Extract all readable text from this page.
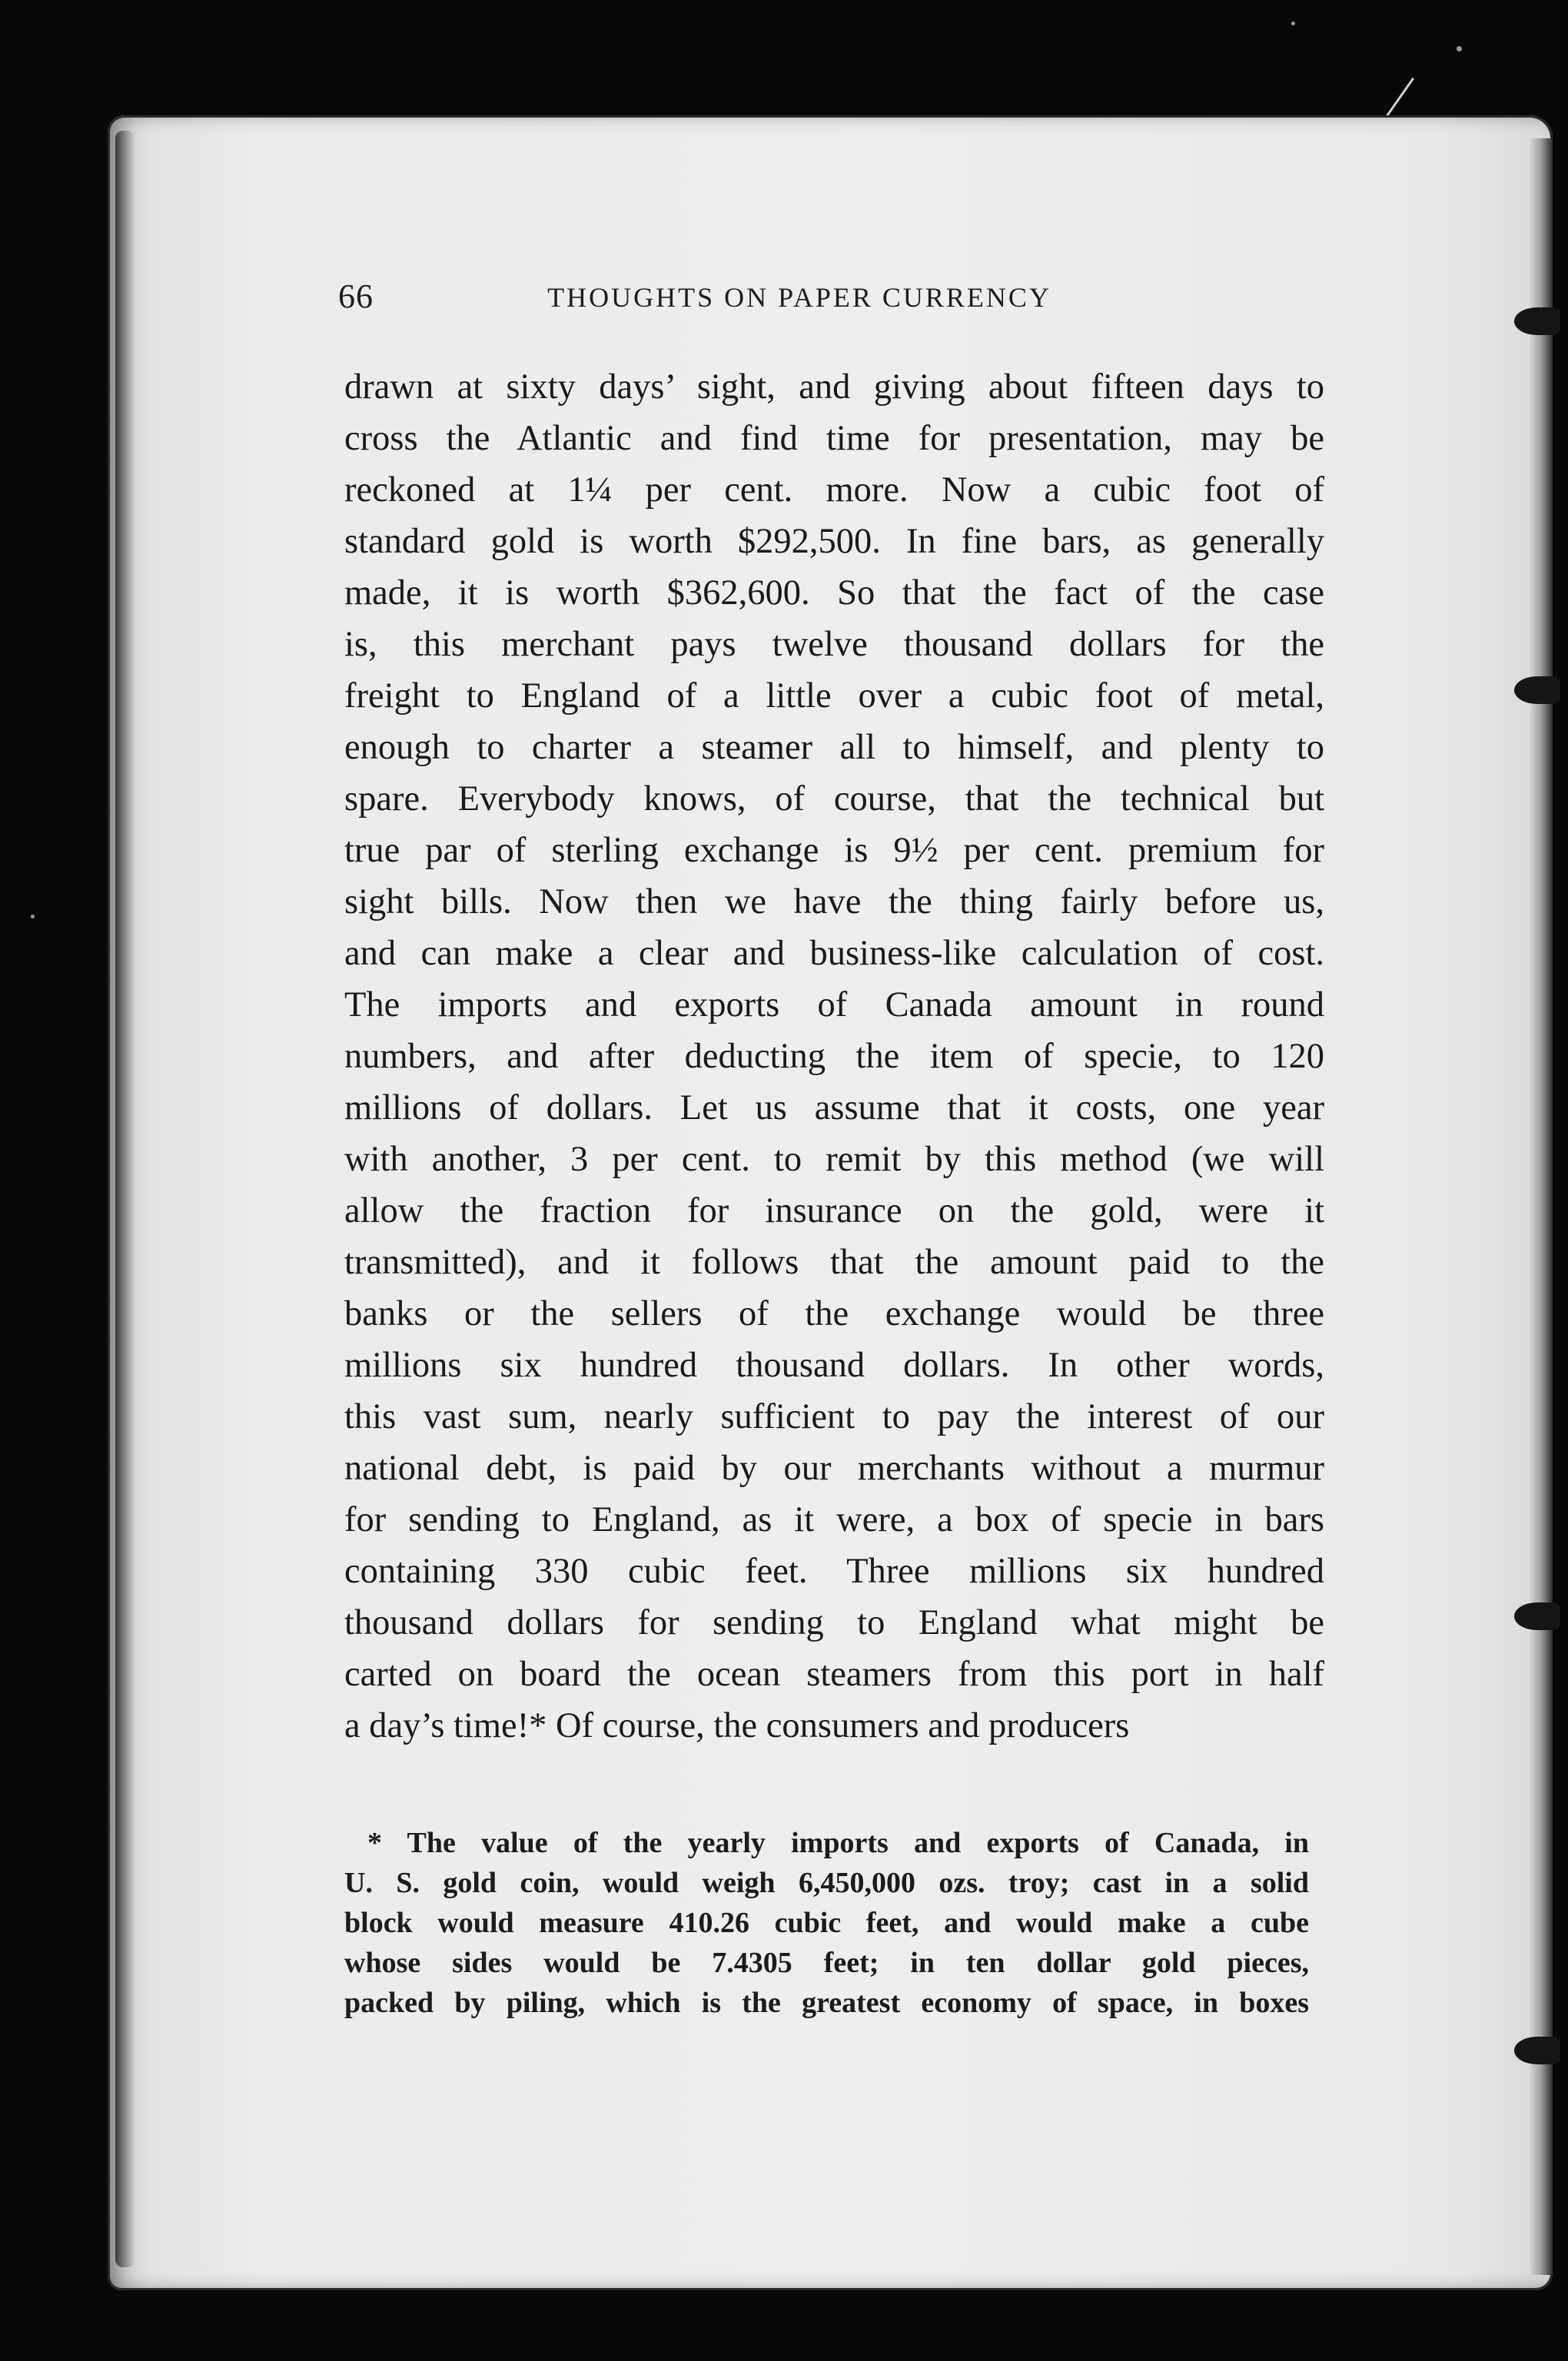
66	THOUGHTS ON PAPER CURRENCY
drawn at sixty days’ sight, and giving about fifteen days to
cross the Atlantic and find time for presentation, may be
reckoned at 1¼ per cent. more. Now a cubic foot of
standard gold is worth $292,500. In fine bars, as generally
made, it is worth $362,600. So that the fact of the case
is, this merchant pays twelve thousand dollars for the
freight to England of a little over a cubic foot of metal,
enough to charter a steamer all to himself, and plenty to
spare. Everybody knows, of course, that the technical but
true par of sterling exchange is 9½ per cent. premium for
sight bills. Now then we have the thing fairly before us,
and can make a clear and business-like calculation of cost.
The imports and exports of Canada amount in round
numbers, and after deducting the item of specie, to 120
millions of dollars. Let us assume that it costs, one year
with another, 3 per cent. to remit by this method (we will
allow the fraction for insurance on the gold, were it
transmitted), and it follows that the amount paid to the
banks or the sellers of the exchange would be three
millions six hundred thousand dollars. In other words,
this vast sum, nearly sufficient to pay the interest of our
national debt, is paid by our merchants without a murmur
for sending to England, as it were, a box of specie in bars
containing 330 cubic feet. Three millions six hundred
thousand dollars for sending to England what might be
carted on board the ocean steamers from this port in half
a day’s time!* Of course, the consumers and producers
* The value of the yearly imports and exports of Canada, in
U. S. gold coin, would weigh 6,450,000 ozs. troy; cast in a solid
block would measure 410.26 cubic feet, and would make a cube
whose sides would be 7.4305 feet; in ten dollar gold pieces,
packed by piling, which is the greatest economy of space, in boxes
